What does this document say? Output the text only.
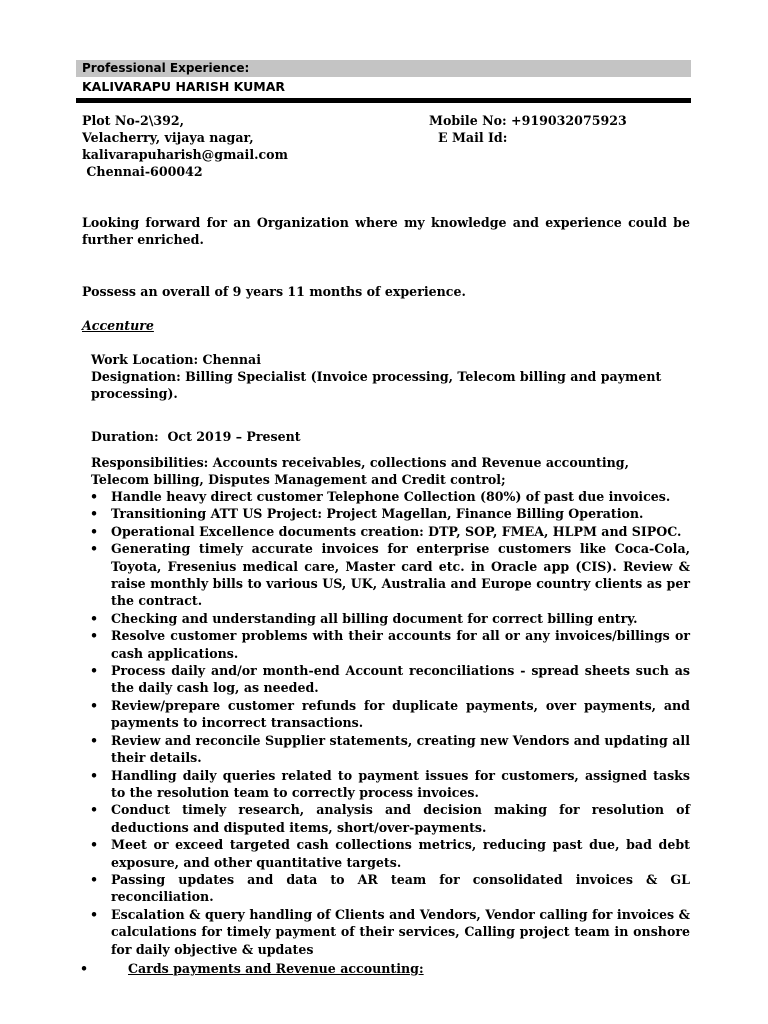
Professional Experience:
KALIVARAPU HARISH KUMAR
Plot No-2\392,
Velacherry, vijaya nagar,
kalivarapuharish@gmail.com
Chennai-600042
Mobile No: +919032075923
E Mail Id:
Looking forward for an Organization where my knowledge and experience could be further enriched.
Possess an overall of 9 years 11 months of experience.
Accenture
Work Location: Chennai
Designation: Billing Specialist (Invoice processing, Telecom billing and payment processing).
Duration:  Oct 2019 – Present
Responsibilities: Accounts receivables, collections and Revenue accounting,
Telecom billing, Disputes Management and Credit control;
• Handle heavy direct customer Telephone Collection (80%) of past due invoices.
• Transitioning ATT US Project: Project Magellan, Finance Billing Operation.
• Operational Excellence documents creation: DTP, SOP, FMEA, HLPM and SIPOC.
• Generating timely accurate invoices for enterprise customers like Coca-Cola, Toyota, Fresenius medical care, Master card etc. in Oracle app (CIS). Review & raise monthly bills to various US, UK, Australia and Europe country clients as per the contract.
• Checking and understanding all billing document for correct billing entry.
• Resolve customer problems with their accounts for all or any invoices/billings or cash applications.
• Process daily and/or month-end Account reconciliations - spread sheets such as the daily cash log, as needed.
• Review/prepare customer refunds for duplicate payments, over payments, and payments to incorrect transactions.
• Review and reconcile Supplier statements, creating new Vendors and updating all their details.
• Handling daily queries related to payment issues for customers, assigned tasks to the resolution team to correctly process invoices.
• Conduct timely research, analysis and decision making for resolution of deductions and disputed items, short/over-payments.
• Meet or exceed targeted cash collections metrics, reducing past due, bad debt exposure, and other quantitative targets.
• Passing updates and data to AR team for consolidated invoices & GL reconciliation.
• Escalation & query handling of Clients and Vendors, Vendor calling for invoices & calculations for timely payment of their services, Calling project team in onshore for daily objective & updates
•	Cards payments and Revenue accounting:
